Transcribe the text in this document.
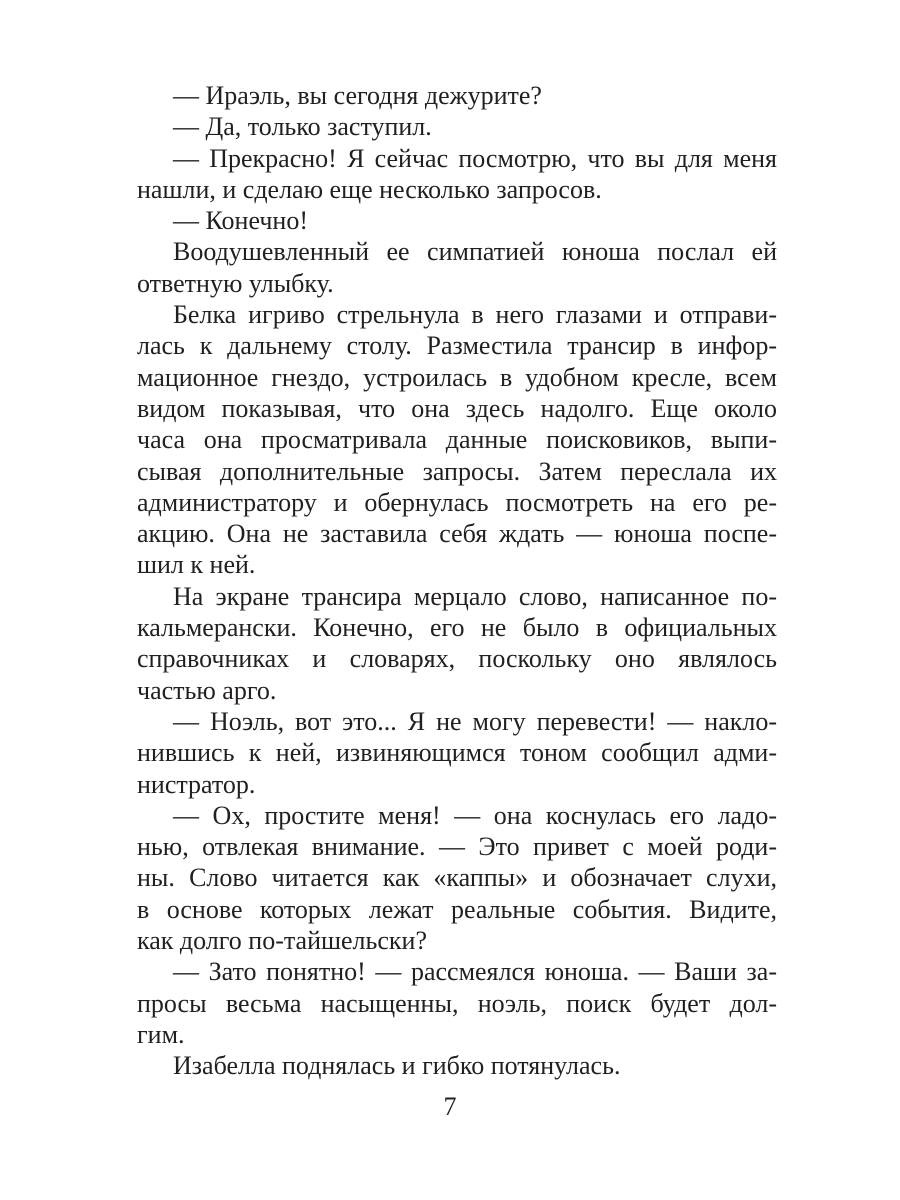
— Ираэль, вы сегодня дежурите?
— Да, только заступил.
— Прекрасно! Я сейчас посмотрю, что вы для меня
нашли, и сделаю еще несколько запросов.
— Конечно!
Воодушевленный ее симпатией юноша послал ей
ответную улыбку.
Белка игриво стрельнула в него глазами и отправи-
лась к дальнему столу. Разместила трансир в инфор-
мационное гнездо, устроилась в удобном кресле, всем
видом показывая, что она здесь надолго. Еще около
часа она просматривала данные поисковиков, выпи-
сывая дополнительные запросы. Затем переслала их
администратору и обернулась посмотреть на его ре-
акцию. Она не заставила себя ждать — юноша поспе-
шил к ней.
На экране трансира мерцало слово, написанное по-
кальмерански. Конечно, его не было в официальных
справочниках и словарях, поскольку оно являлось
частью арго.
— Ноэль, вот это... Я не могу перевести! — накло-
нившись к ней, извиняющимся тоном сообщил адми-
нистратор.
— Ох, простите меня! — она коснулась его ладо-
нью, отвлекая внимание. — Это привет с моей роди-
ны. Слово читается как «каппы» и обозначает слухи,
в основе которых лежат реальные события. Видите,
как долго по-тайшельски?
— Зато понятно! — рассмеялся юноша. — Ваши за-
просы весьма насыщенны, ноэль, поиск будет дол-
гим.
Изабелла поднялась и гибко потянулась.
7
